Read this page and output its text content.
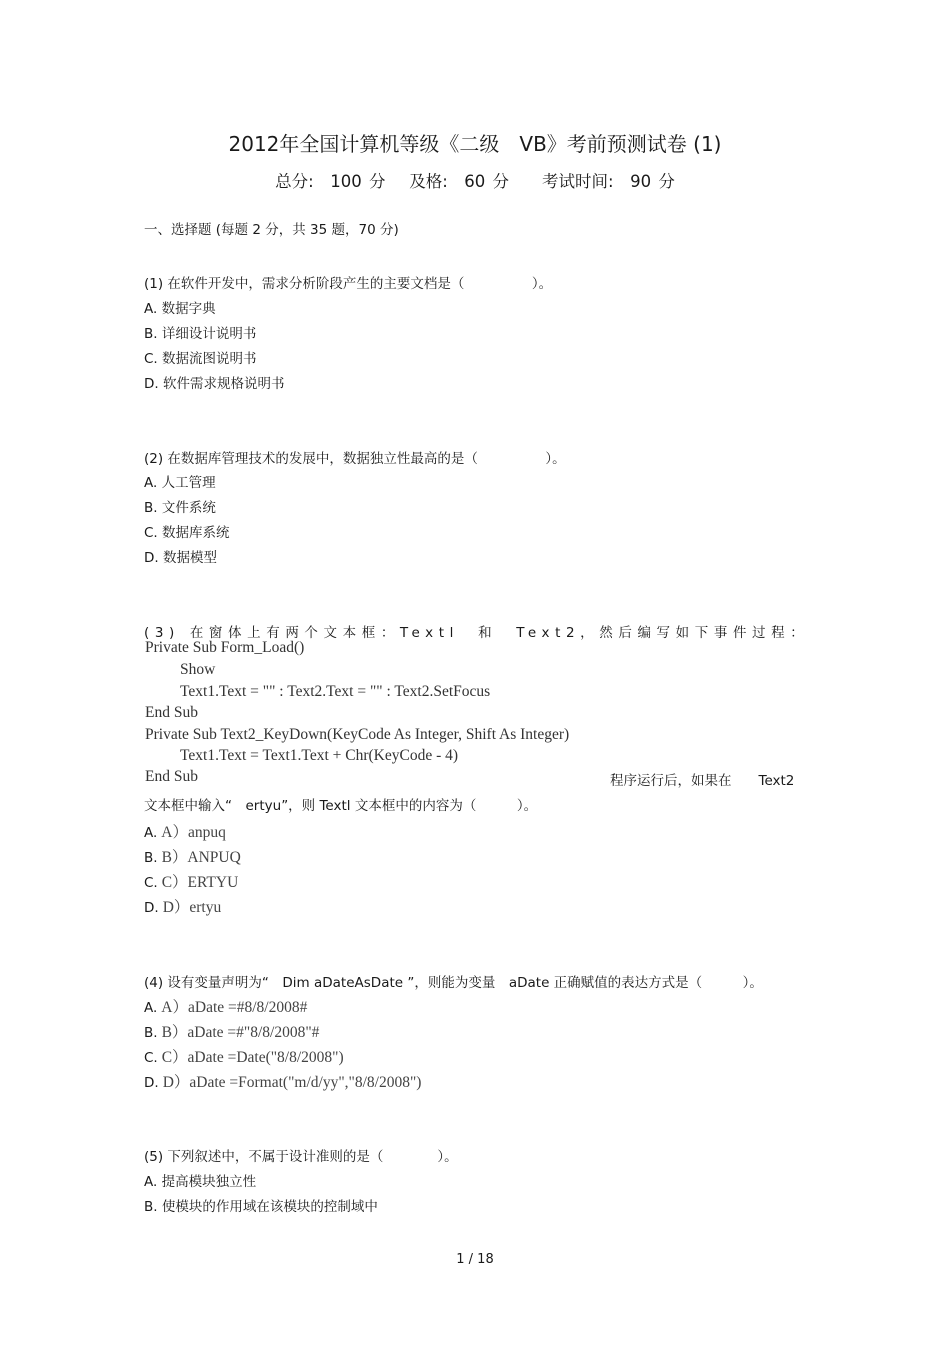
2012年全国计算机等级《二级　VB》考前预测试卷 (1)
总分:　100 分　 及格:　60 分　　考试时间:　90 分
一、选择题 (每题 2 分，共 35 题，70 分)
(1) 在软件开发中，需求分析阶段产生的主要文档是（　　　　　）。
A. 数据字典
B. 详细设计说明书
C. 数据流图说明书
D. 软件需求规格说明书
(2) 在数据库管理技术的发展中，数据独立性最高的是（　　　　　）。
A. 人工管理
B. 文件系统
C. 数据库系统
D. 数据模型
(3) 在窗体上有两个文本框：Textl　和　Text2，然后编写如下事件过程：
Private Sub Form_Load()
Show
Text1.Text = "" : Text2.Text = "" : Text2.SetFocus
End Sub
Private Sub Text2_KeyDown(KeyCode As Integer, Shift As Integer)
Text1.Text = Text1.Text + Chr(KeyCode - 4)
End Sub	程序运行后，如果在　　Text2
文本框中输入“　ertyu”，则 Textl 文本框中的内容为（　　　）。
A. A）anpuq
B. B）ANPUQ
C. C）ERTYU
D. D）ertyu
(4) 设有变量声明为“　Dim aDateAsDate ”，则能为变量　aDate 正确赋值的表达方式是（　　　）。
A. A）aDate =#8/8/2008#
B. B）aDate =#"8/8/2008"#
C. C）aDate =Date("8/8/2008")
D. D）aDate =Format("m/d/yy","8/8/2008")
(5) 下列叙述中，不属于设计准则的是（　　　　）。
A. 提高模块独立性
B. 使模块的作用域在该模块的控制域中
1 / 18
